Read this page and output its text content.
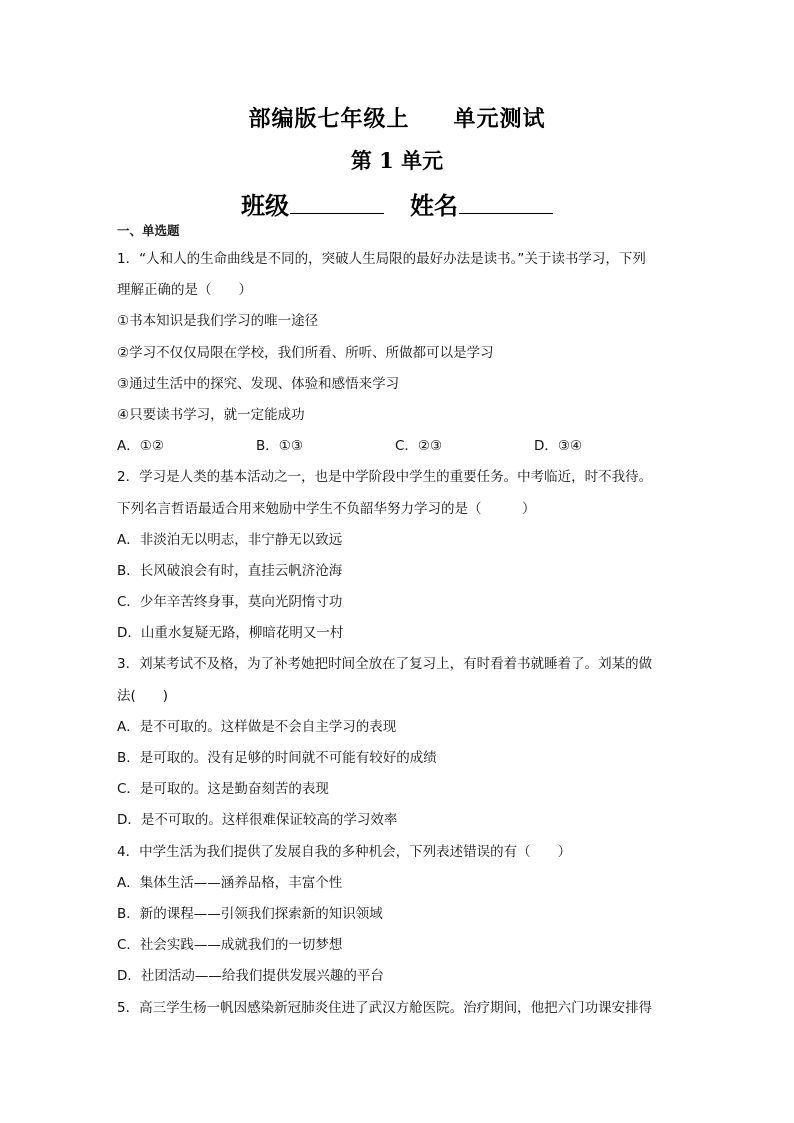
部编版七年级上 单元测试
第 1 单元
班级	姓名
一、单选题
1．“人和人的生命曲线是不同的，突破人生局限的最好办法是读书。”关于读书学习，下列
理解正确的是（　　）
①书本知识是我们学习的唯一途径
②学习不仅仅局限在学校，我们所看、所听、所做都可以是学习
③通过生活中的探究、发现、体验和感悟来学习
④只要读书学习，就一定能成功
A．①②	B．①③	C．②③	D．③④
2．学习是人类的基本活动之一，也是中学阶段中学生的重要任务。中考临近，时不我待。
下列名言哲语最适合用来勉励中学生不负韶华努力学习的是（　　　）
A．非淡泊无以明志，非宁静无以致远
B．长风破浪会有时，直挂云帆济沧海
C．少年辛苦终身事，莫向光阴惰寸功
D．山重水复疑无路，柳暗花明又一村
3．刘某考试不及格，为了补考她把时间全放在了复习上，有时看着书就睡着了。刘某的做
法(　　)
A．是不可取的。这样做是不会自主学习的表现
B．是可取的。没有足够的时间就不可能有较好的成绩
C．是可取的。这是勤奋刻苦的表现
D．是不可取的。这样很难保证较高的学习效率
4．中学生活为我们提供了发展自我的多种机会，下列表述错误的有（　　）
A．集体生活——涵养品格，丰富个性
B．新的课程——引领我们探索新的知识领域
C．社会实践——成就我们的一切梦想
D．社团活动——给我们提供发展兴趣的平台
5．高三学生杨一帆因感染新冠肺炎住进了武汉方舱医院。治疗期间，他把六门功课安排得
